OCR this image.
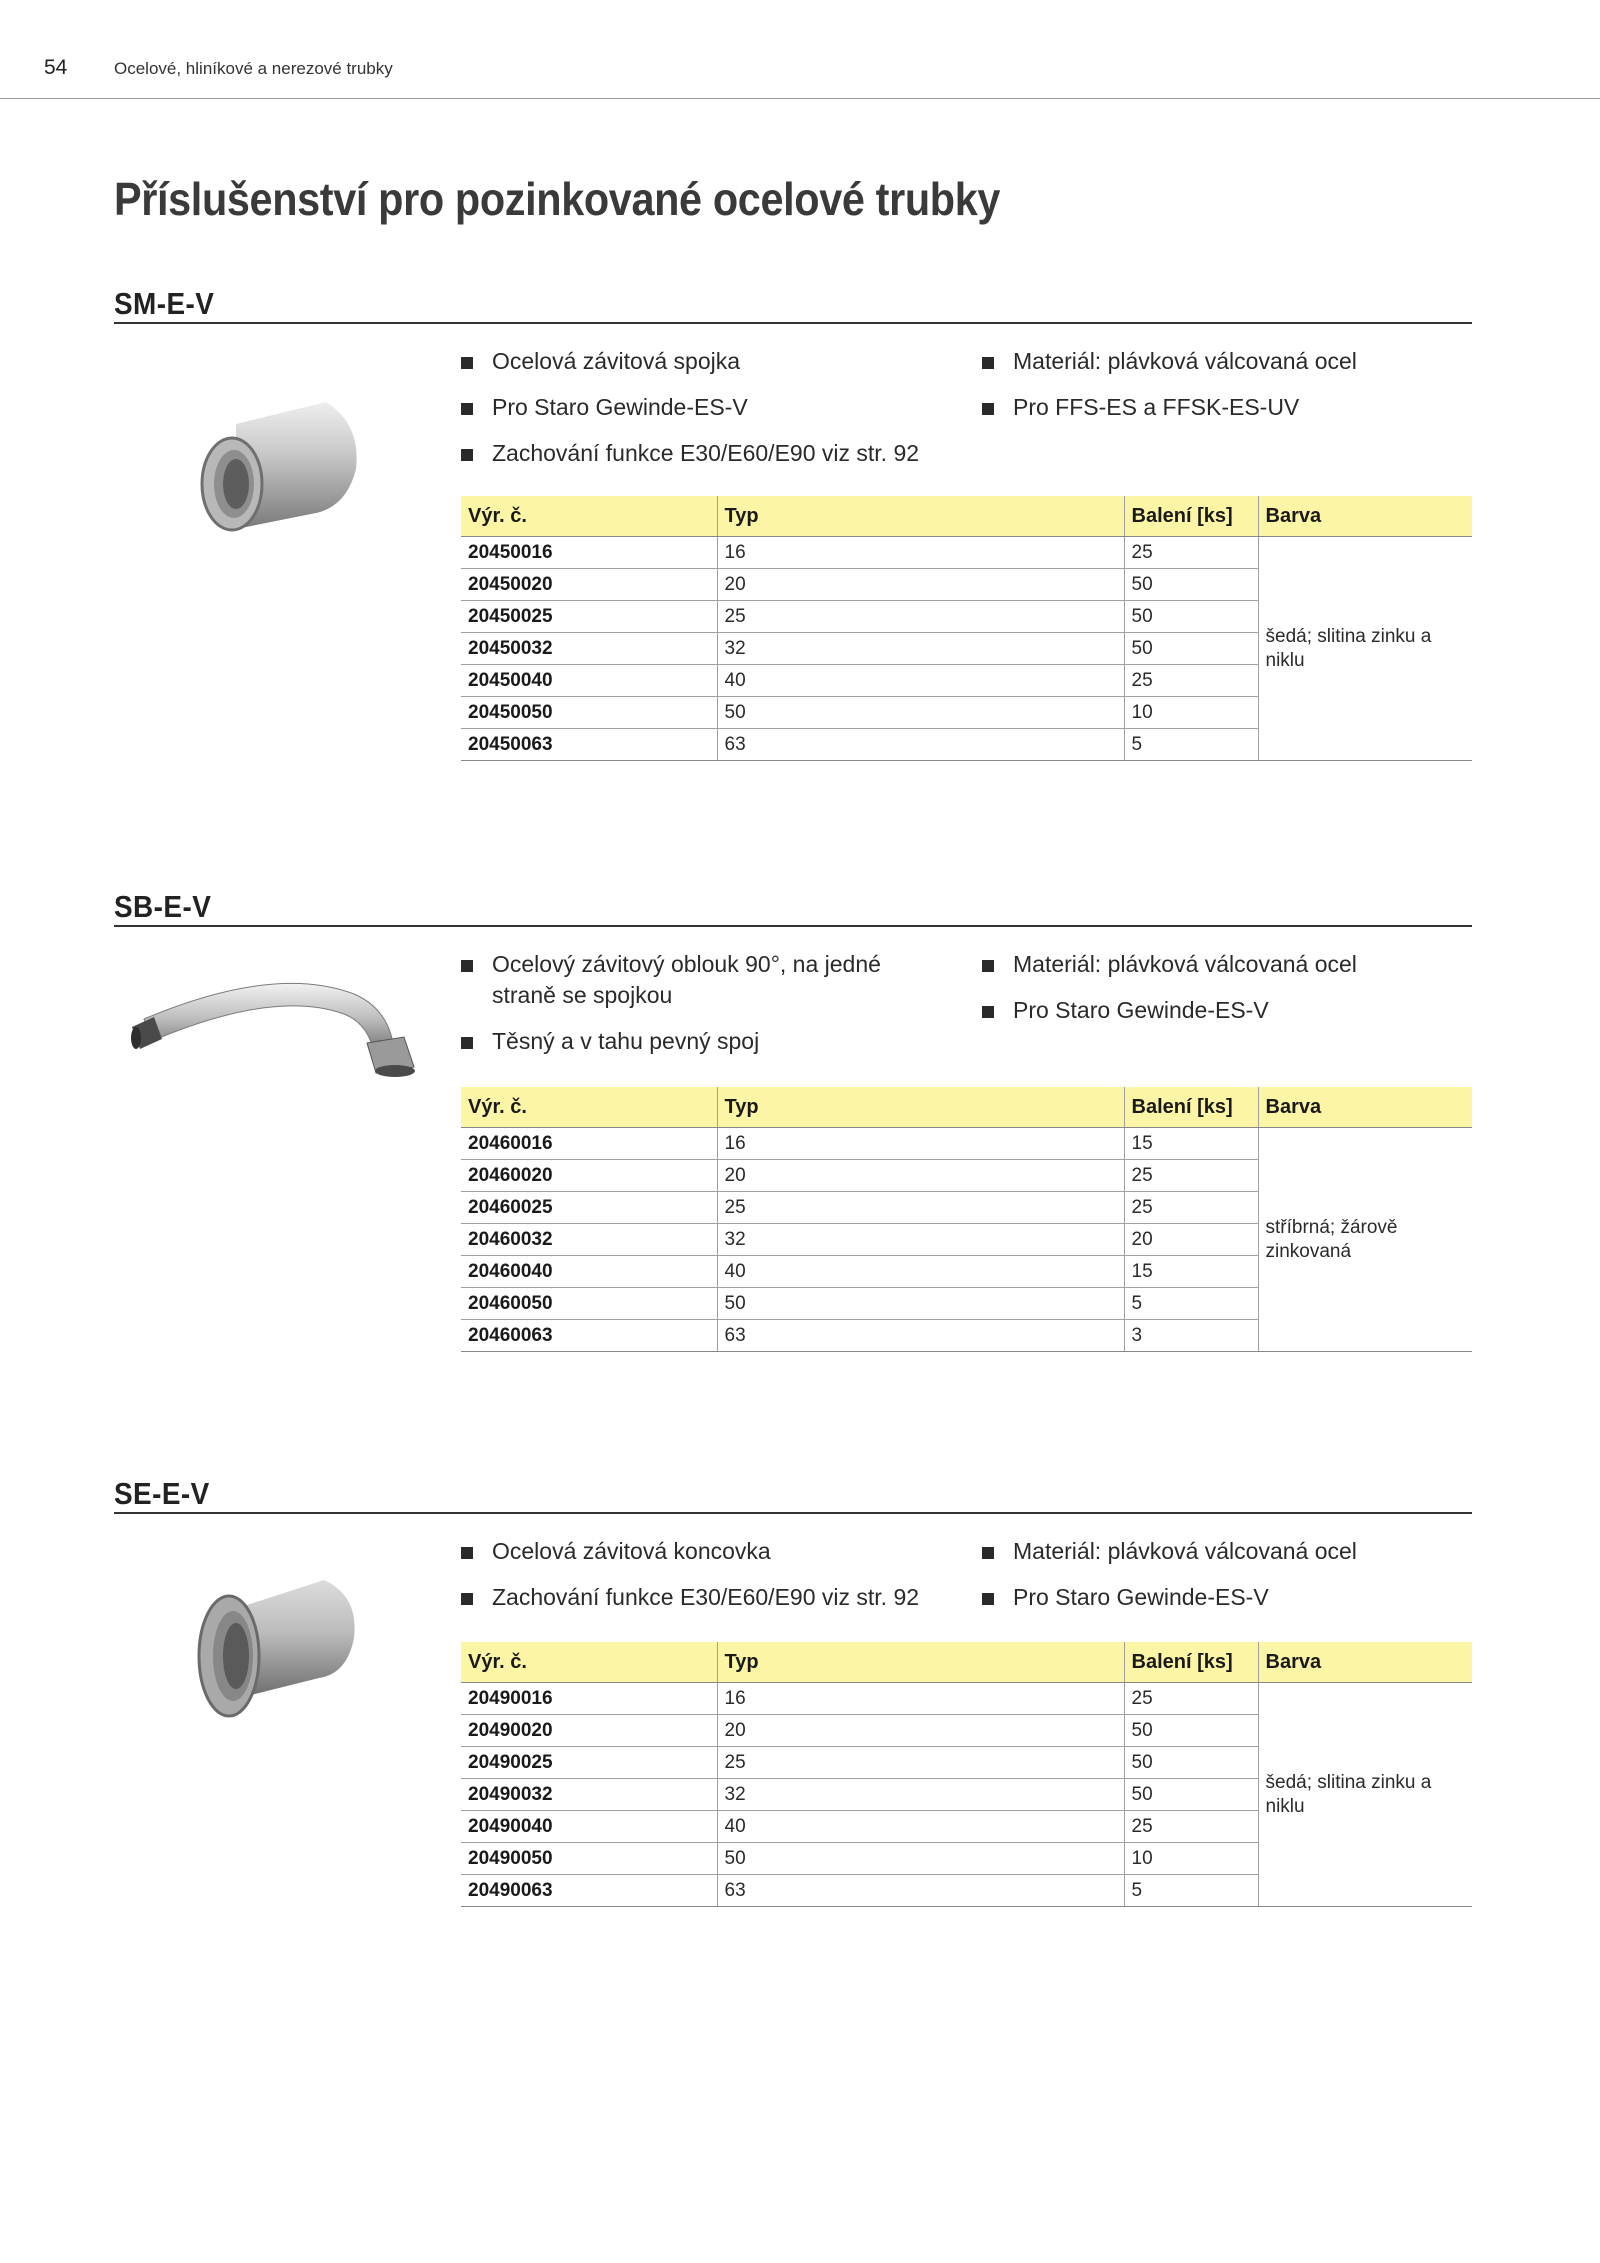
54	Ocelové, hliníkové a nerezové trubky
Příslušenství pro pozinkované ocelové trubky
SM-E-V
Ocelová závitová spojka
Pro Staro Gewinde-ES-V
Zachování funkce E30/E60/E90 viz str. 92
Materiál: plávková válcovaná ocel
Pro FFS-ES a FFSK-ES-UV
Výr. č.	Typ	Balení [ks]	Barva
20450016	16	25	šedá; slitina zinku a niklu
20450020	20	50	
20450025	25	50	
20450032	32	50	
20450040	40	25	
20450050	50	10	
20450063	63	5	
SB-E-V
Ocelový závitový oblouk 90°, na jedné straně se spojkou
Těsný a v tahu pevný spoj
Materiál: plávková válcovaná ocel
Pro Staro Gewinde-ES-V
Výr. č.	Typ	Balení [ks]	Barva
20460016	16	15	stříbrná; žárově zinkovaná
20460020	20	25	
20460025	25	25	
20460032	32	20	
20460040	40	15	
20460050	50	5	
20460063	63	3	
SE-E-V
Ocelová závitová koncovka
Zachování funkce E30/E60/E90 viz str. 92
Materiál: plávková válcovaná ocel
Pro Staro Gewinde-ES-V
Výr. č.	Typ	Balení [ks]	Barva
20490016	16	25	šedá; slitina zinku a niklu
20490020	20	50	
20490025	25	50	
20490032	32	50	
20490040	40	25	
20490050	50	10	
20490063	63	5	
